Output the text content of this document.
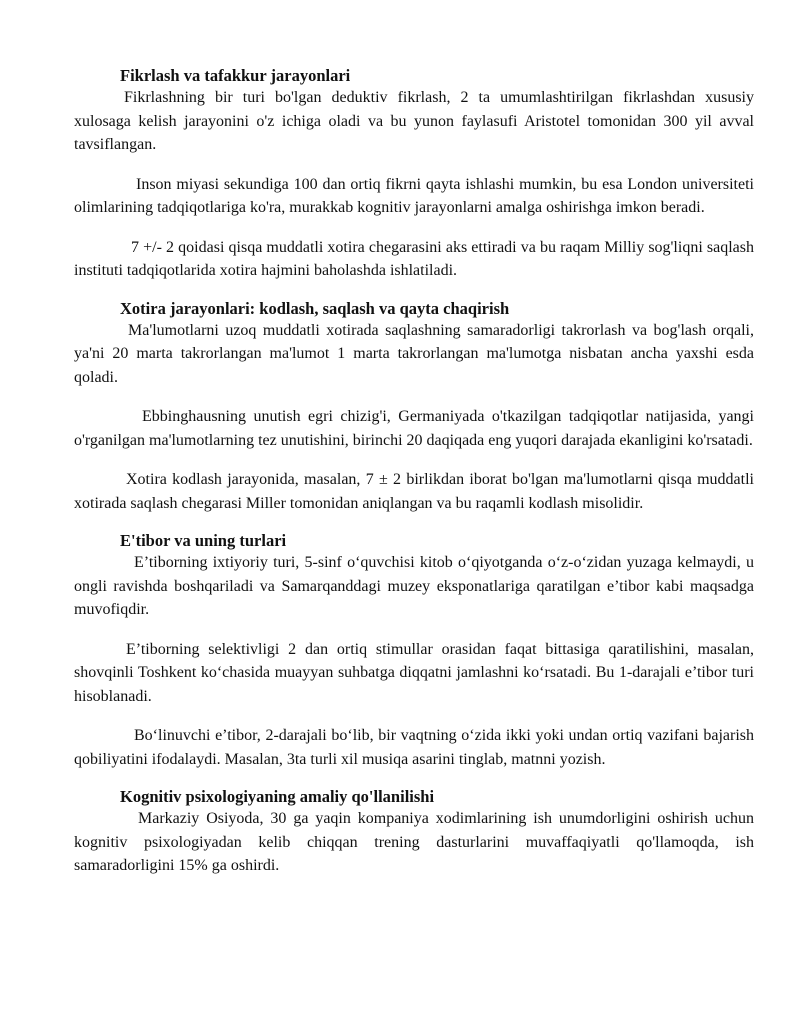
Fikrlash va tafakkur jarayonlari

Fikrlashning bir turi bo'lgan deduktiv fikrlash, 2 ta umumlashtirilgan fikrlashdan xususiy xulosaga kelish jarayonini o'z ichiga oladi va bu yunon faylasufi Aristotel tomonidan 300 yil avval tavsiflangan.

Inson miyasi sekundiga 100 dan ortiq fikrni qayta ishlashi mumkin, bu esa London universiteti olimlarining tadqiqotlariga ko'ra, murakkab kognitiv jarayonlarni amalga oshirishga imkon beradi.

7 +/- 2 qoidasi qisqa muddatli xotira chegarasini aks ettiradi va bu raqam Milliy sog'liqni saqlash instituti tadqiqotlarida xotira hajmini baholashda ishlatiladi.

Xotira jarayonlari: kodlash, saqlash va qayta chaqirish

Ma'lumotlarni uzoq muddatli xotirada saqlashning samaradorligi takrorlash va bog'lash orqali, ya'ni 20 marta takrorlangan ma'lumot 1 marta takrorlangan ma'lumotga nisbatan ancha yaxshi esda qoladi.

Ebbinghausning unutish egri chizig'i, Germaniyada o'tkazilgan tadqiqotlar natijasida, yangi o'rganilgan ma'lumotlarning tez unutishini, birinchi 20 daqiqada eng yuqori darajada ekanligini ko'rsatadi.

Xotira kodlash jarayonida, masalan, 7 ± 2 birlikdan iborat bo'lgan ma'lumotlarni qisqa muddatli xotirada saqlash chegarasi Miller tomonidan aniqlangan va bu raqamli kodlash misolidir.

E'tibor va uning turlari

E’tiborning ixtiyoriy turi, 5-sinf o‘quvchisi kitob o‘qiyotganda o‘z-o‘zidan yuzaga kelmaydi, u ongli ravishda boshqariladi va Samarqanddagi muzey eksponatlariga qaratilgan e’tibor kabi maqsadga muvofiqdir.

E’tiborning selektivligi 2 dan ortiq stimullar orasidan faqat bittasiga qaratilishini, masalan, shovqinli Toshkent ko‘chasida muayyan suhbatga diqqatni jamlashni ko‘rsatadi. Bu 1-darajali e’tibor turi hisoblanadi.

Bo‘linuvchi e’tibor, 2-darajali bo‘lib, bir vaqtning o‘zida ikki yoki undan ortiq vazifani bajarish qobiliyatini ifodalaydi. Masalan, 3ta turli xil musiqa asarini tinglab, matnni yozish.

Kognitiv psixologiyaning amaliy qo'llanilishi

Markaziy Osiyoda, 30 ga yaqin kompaniya xodimlarining ish unumdorligini oshirish uchun kognitiv psixologiyadan kelib chiqqan trening dasturlarini muvaffaqiyatli qo'llamoqda, ish samaradorligini 15% ga oshirdi.
